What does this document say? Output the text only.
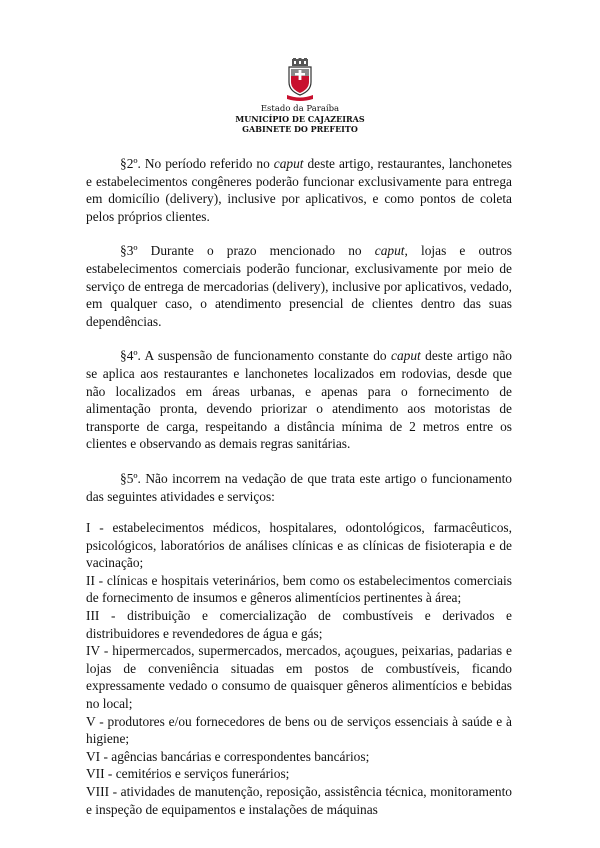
Estado da Paraíba
MUNICÍPIO DE CAJAZEIRAS
GABINETE DO PREFEITO

§2º. No período referido no caput deste artigo, restaurantes, lanchonetes e estabelecimentos congêneres poderão funcionar exclusivamente para entrega em domicílio (delivery), inclusive por aplicativos, e como pontos de coleta pelos próprios clientes.

§3º Durante o prazo mencionado no caput, lojas e outros estabelecimentos comerciais poderão funcionar, exclusivamente por meio de serviço de entrega de mercadorias (delivery), inclusive por aplicativos, vedado, em qualquer caso, o atendimento presencial de clientes dentro das suas dependências.

§4º. A suspensão de funcionamento constante do caput deste artigo não se aplica aos restaurantes e lanchonetes localizados em rodovias, desde que não localizados em áreas urbanas, e apenas para o fornecimento de alimentação pronta, devendo priorizar o atendimento aos motoristas de transporte de carga, respeitando a distância mínima de 2 metros entre os clientes e observando as demais regras sanitárias.

§5º. Não incorrem na vedação de que trata este artigo o funcionamento das seguintes atividades e serviços:

I - estabelecimentos médicos, hospitalares, odontológicos, farmacêuticos, psicológicos, laboratórios de análises clínicas e as clínicas de fisioterapia e de vacinação;

II - clínicas e hospitais veterinários, bem como os estabelecimentos comerciais de fornecimento de insumos e gêneros alimentícios pertinentes à área;

III - distribuição e comercialização de combustíveis e derivados e distribuidores e revendedores de água e gás;

IV - hipermercados, supermercados, mercados, açougues, peixarias, padarias e lojas de conveniência situadas em postos de combustíveis, ficando expressamente vedado o consumo de quaisquer gêneros alimentícios e bebidas no local;

V - produtores e/ou fornecedores de bens ou de serviços essenciais à saúde e à higiene;

VI - agências bancárias e correspondentes bancários;

VII - cemitérios e serviços funerários;

VIII - atividades de manutenção, reposição, assistência técnica, monitoramento e inspeção de equipamentos e instalações de máquinas
